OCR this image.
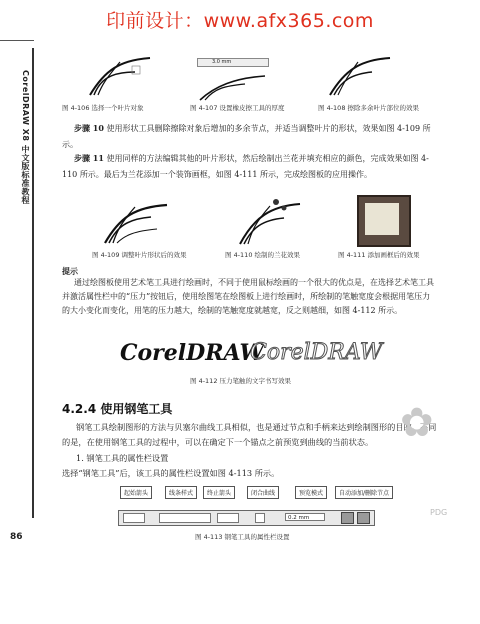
印前设计：www.afx365.com
CorelDRAW X8 中文版标准教程
86
3.0 mm
图 4-106 选择一个叶片对象	图 4-107 设置橡皮擦工具的厚度	图 4-108 擦除多余叶片部位的效果
步骤 10 使用形状工具删除擦除对象后增加的多余节点，并适当调整叶片的形状，效果如图 4-109 所示。
步骤 11 使用同样的方法编辑其他的叶片形状，然后绘制出兰花并填充相应的颜色，完成效果如图 4-110 所示。最后为兰花添加一个装饰画框，如图 4-111 所示，完成绘图板的应用操作。
图 4-109 调整叶片形状后的效果	图 4-110 绘制的兰花效果	图 4-111 添加画框后的效果
提示
通过绘图板使用艺术笔工具进行绘画时，不同于使用鼠标绘画的一个很大的优点是，在选择艺术笔工具并激活属性栏中的“压力”按钮后，使用绘图笔在绘图板上进行绘画时，所绘制的笔触宽度会根据用笔压力的大小变化而变化，用笔的压力越大，绘制的笔触宽度就越宽，反之则越细，如图 4-112 所示。
CorelDRAW
CorelDRAW
图 4-112 压力笔触的文字书写效果
4.2.4 使用钢笔工具
钢笔工具绘制图形的方法与贝塞尔曲线工具相似，也是通过节点和手柄来达到绘制图形的目的。不同的是，在使用钢笔工具的过程中，可以在确定下一个锚点之前预览到曲线的当前状态。
1. 钢笔工具的属性栏设置
选择“钢笔工具”后，该工具的属性栏设置如图 4-113 所示。
起始箭头	线条样式	终止箭头	闭合曲线	预览模式	自动添加/删除节点
0.2 mm
图 4-113 钢笔工具的属性栏设置
✿
PDG
